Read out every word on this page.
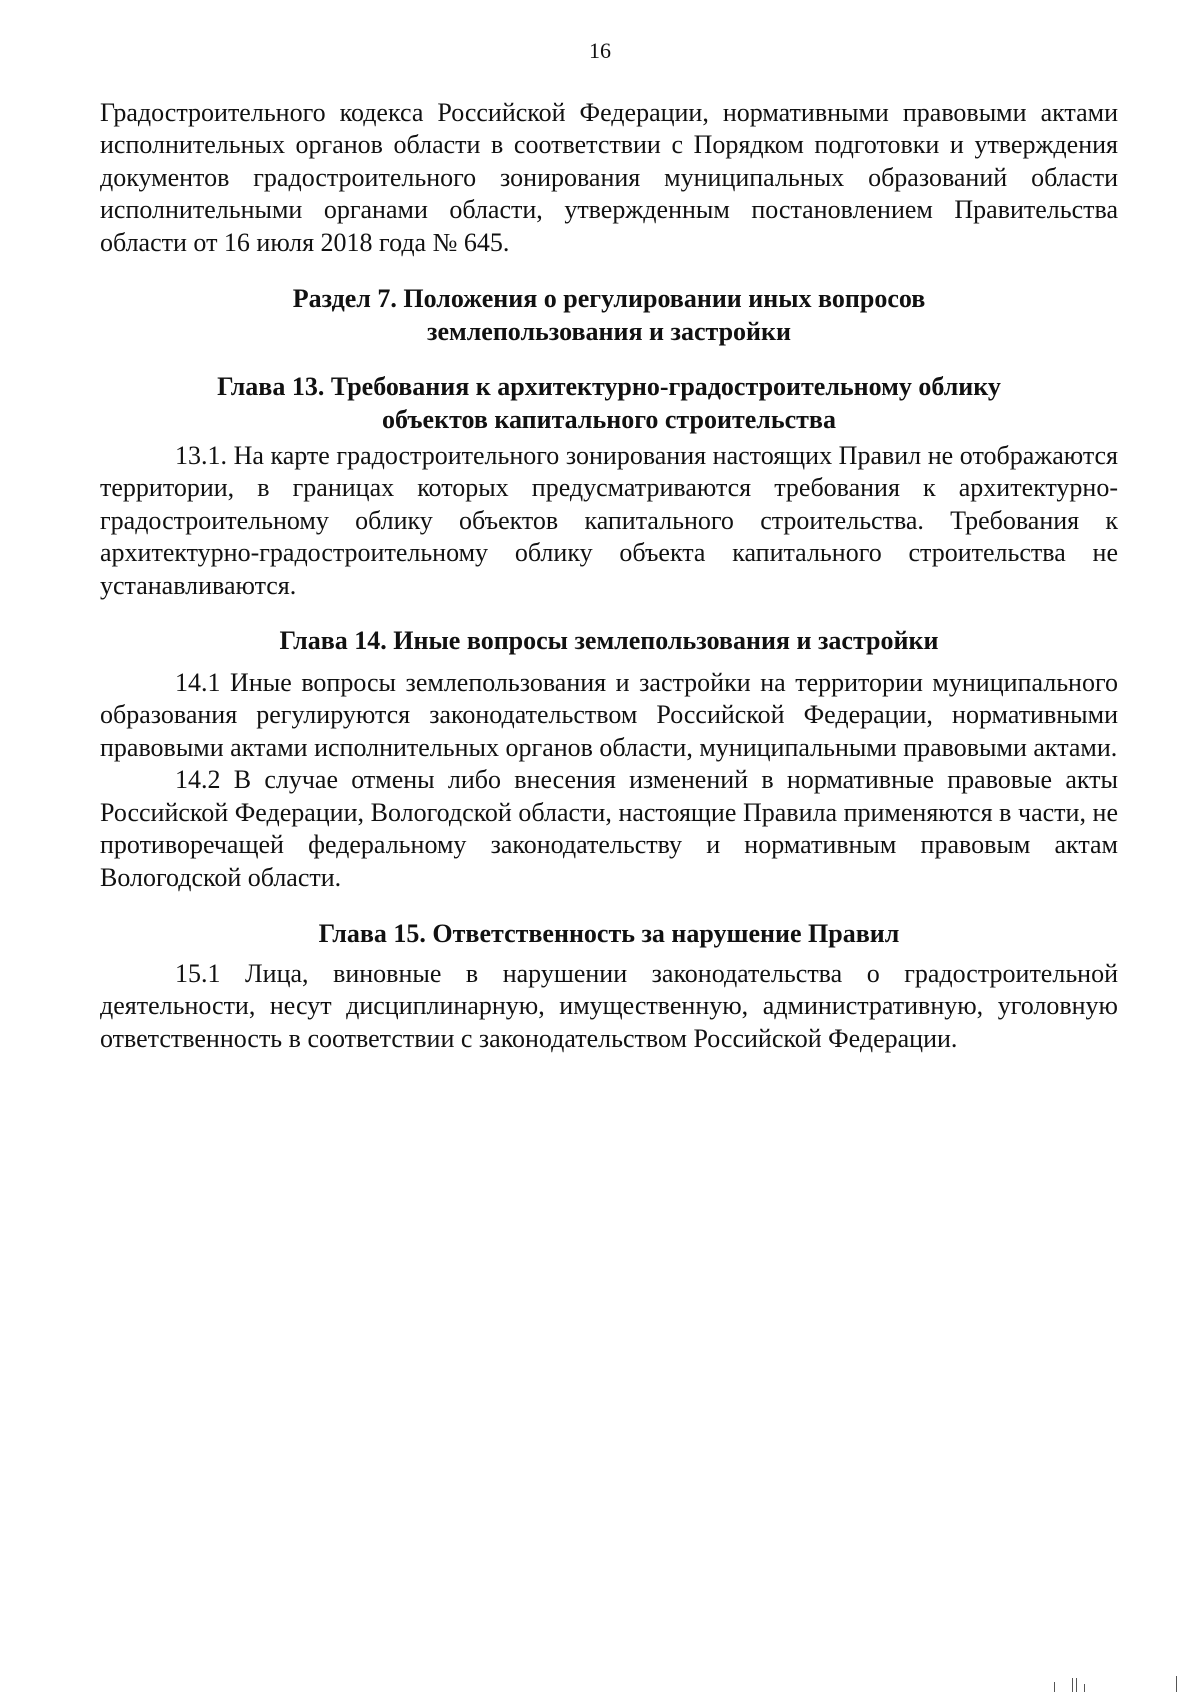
16

Градостроительного кодекса Российской Федерации, нормативными правовыми актами исполнительных органов области в соответствии с Порядком подготовки и утверждения документов градостроительного зонирования муниципальных образований области исполнительными органами области, утвержденным постановлением Правительства области от 16 июля 2018 года № 645.

Раздел 7. Положения о регулировании иных вопросов
землепользования и застройки
Глава 13. Требования к архитектурно-градостроительному облику
объектов капитального строительства

13.1. На карте градостроительного зонирования настоящих Правил не отображаются территории, в границах которых предусматриваются требования к архитектурно-градостроительному облику объектов капитального строительства. Требования к архитектурно-градостроительному облику объекта капитального строительства не устанавливаются.

Глава 14. Иные вопросы землепользования и застройки

14.1 Иные вопросы землепользования и застройки на территории муниципального образования регулируются законодательством Российской Федерации, нормативными правовыми актами исполнительных органов области, муниципальными правовыми актами.

14.2 В случае отмены либо внесения изменений в нормативные правовые акты Российской Федерации, Вологодской области, настоящие Правила применяются в части, не противоречащей федеральному законодательству и нормативным правовым актам Вологодской области.

Глава 15. Ответственность за нарушение Правил

15.1 Лица, виновные в нарушении законодательства о градостроительной деятельности, несут дисциплинарную, имущественную, административную, уголовную ответственность в соответствии с законодательством Российской Федерации.
